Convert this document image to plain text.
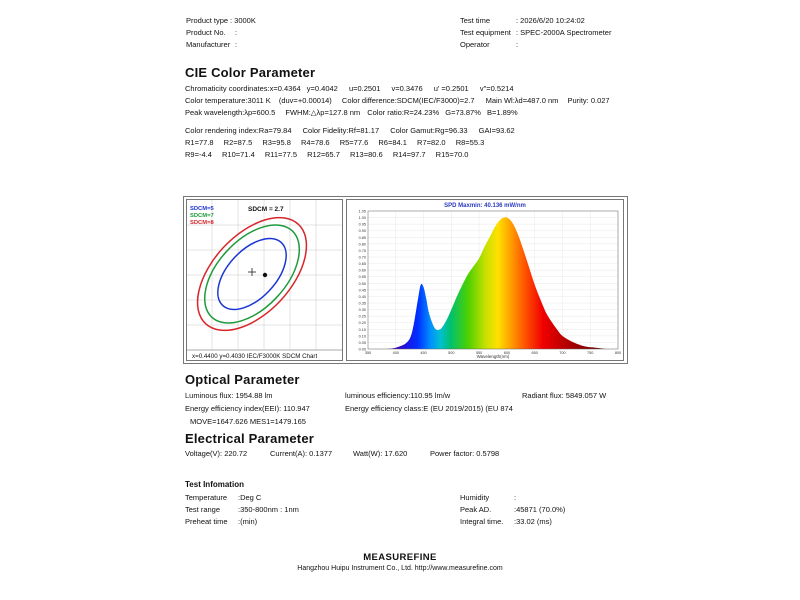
Product type : 3000K
Product No. :
Manufacturer :
Test time	: 2026/6/20 10:24:02
Test equipment : SPEC-2000A Spectrometer
Operator	:
CIE Color Parameter
Chromaticity coordinates:x=0.4364 y=0.4042 u=0.2501 v=0.3476 u' =0.2501 v"=0.5214
Color temperature:3011 K (duv=+0.00014) Color difference:SDCM(IEC/F3000)=2.7 Main Wl:λd=487.0 nm Purity: 0.027
Peak wavelength:λp=600.5 FWHM:△λp=127.8 nm Color ratio:R=24.23% G=73.87% B=1.89%
Color rendering index:Ra=79.84 Color Fidelity:Rf=81.17 Color Gamut:Rg=96.33 GAI=93.62
R1=77.8 R2=87.5 R3=95.8 R4=78.6 R5=77.6 R6=84.1 R7=82.0 R8=55.3
R9=-4.4 R10=71.4 R11=77.5 R12=65.7 R13=80.6 R14=97.7 R15=70.0
SDCM=5
SDCM=7
SDCM=8
SDCM = 2.7
x=0.4400 y=0.4030 IEC/F3000K SDCM Chart
SPD Maxmin: 40.136 mW/nm
0.00
0.05
0.10
0.15
0.20
0.25
0.30
0.35
0.40
0.45
0.50
0.55
0.60
0.65
0.70
0.75
0.80
0.85
0.90
0.95
1.00
1.05
350	400	450	500	550	600	650	700	750	800
Wavelength(nm)
Optical Parameter
Luminous flux: 1954.88 lm	luminous efficiency:110.95 lm/w	Radiant flux: 5849.057 W
Energy efficiency index(EEI): 110.947	Energy efficiency class:E (EU 2019/2015) (EU 874
MOVE=1647.626 MES1=1479.165
Electrical Parameter
Voltage(V): 220.72	Current(A): 0.1377	Watt(W): 17.620	Power factor: 0.5798
Test Infomation
Temperature :Deg C
Test range :350-800nm : 1nm
Preheat time :(min)
Humidity	:
Peak AD.	:45871 (70.0%)
Integral time. :33.02 (ms)
MEASUREFINE
Hangzhou Huipu Instrument Co., Ltd. http://www.measurefine.com
